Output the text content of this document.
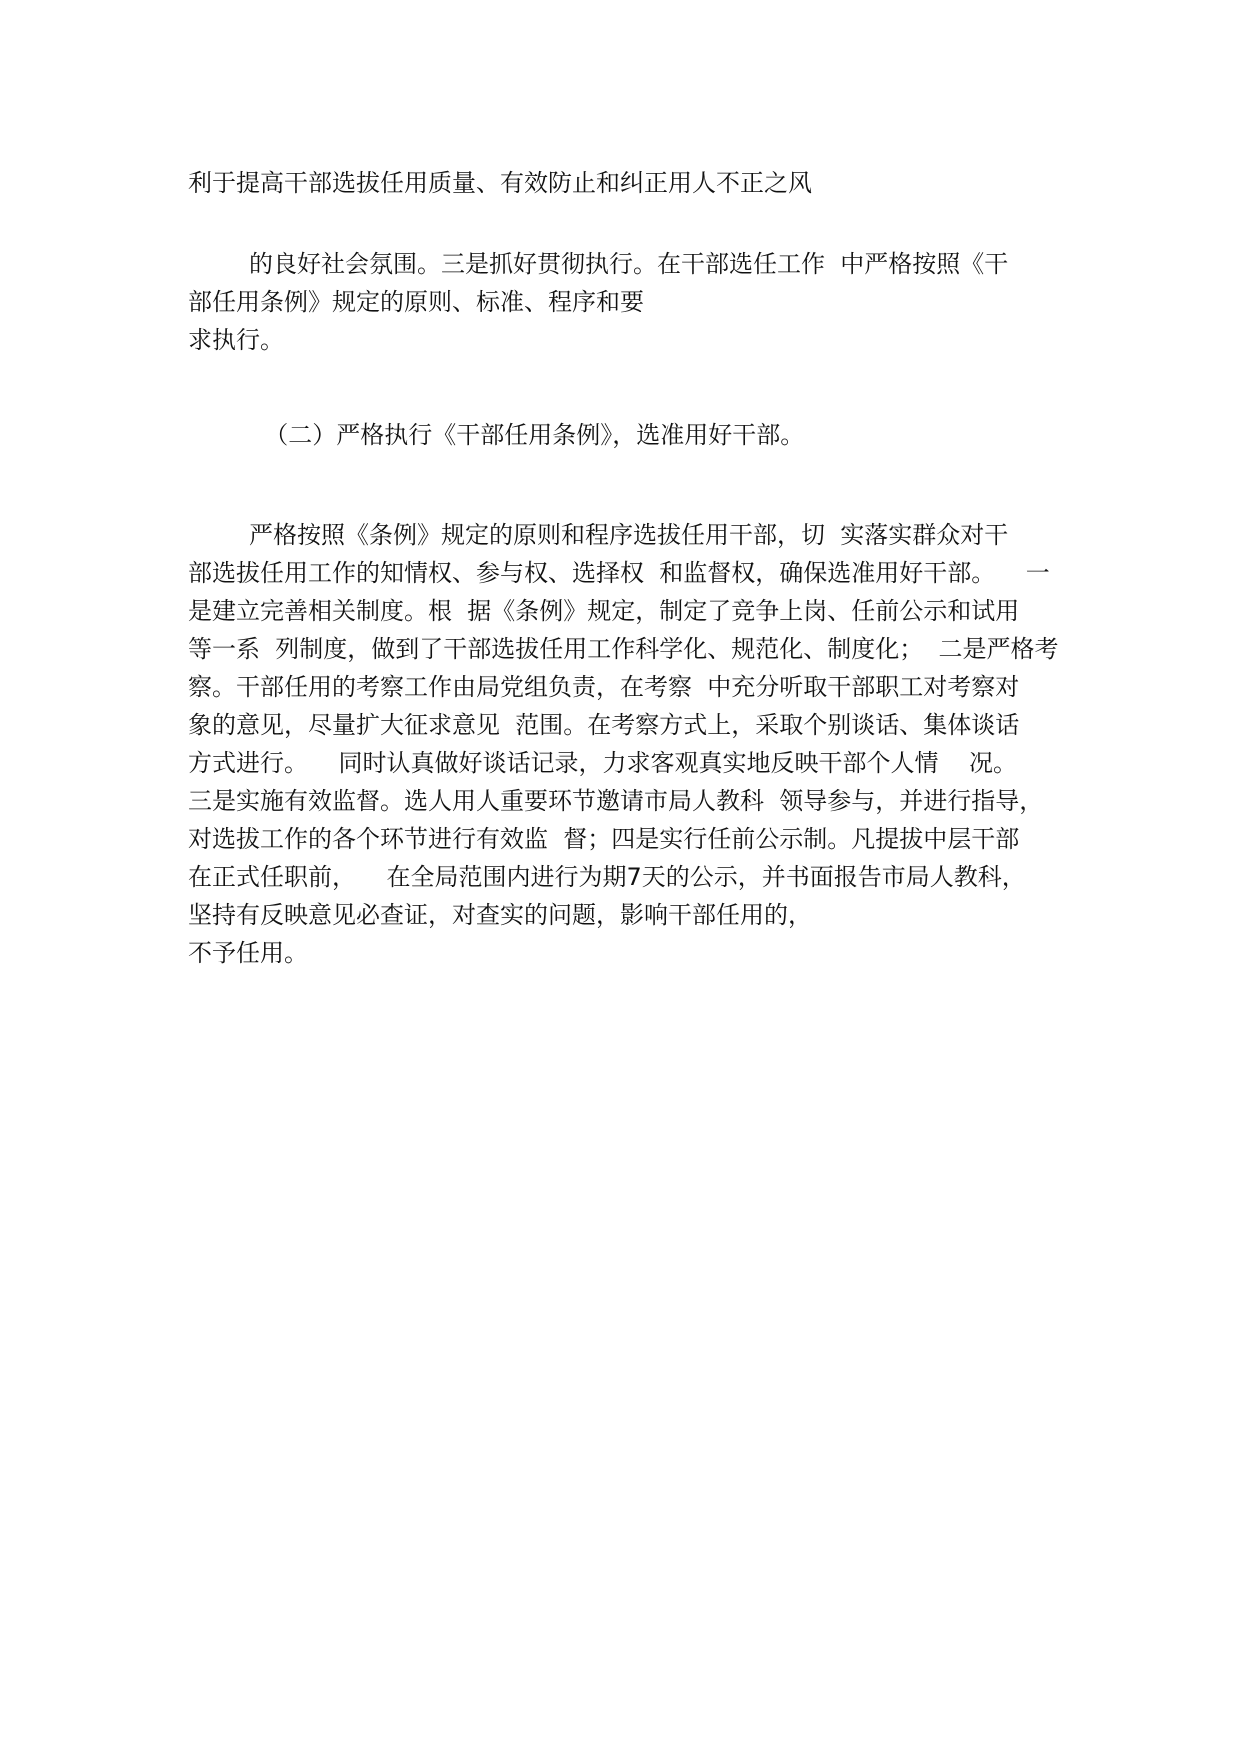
利于提高干部选拔任用质量、有效防止和纠正用人不正之风
的良好社会氛围。三是抓好贯彻执行。在干部选任工作  中严格按照《干
部任用条例》规定的原则、标准、程序和要
求执行。
（二）严格执行《干部任用条例》，选准用好干部。
严格按照《条例》规定的原则和程序选拔任用干部，切  实落实群众对干
部选拔任用工作的知情权、参与权、选择权  和监督权，确保选准用好干部。    一
是建立完善相关制度。根  据《条例》规定，制定了竞争上岗、任前公示和试用
等一系  列制度，做到了干部选拔任用工作科学化、规范化、制度化；  二是严格考
察。干部任用的考察工作由局党组负责，在考察  中充分听取干部职工对考察对
象的意见，尽量扩大征求意见  范围。在考察方式上，采取个别谈话、集体谈话
方式进行。    同时认真做好谈话记录，力求客观真实地反映干部个人情    况。
三是实施有效监督。选人用人重要环节邀请市局人教科  领导参与，并进行指导，
对选拔工作的各个环节进行有效监  督；四是实行任前公示制。凡提拔中层干部
在正式任职前，    在全局范围内进行为期7天的公示，并书面报告市局人教科，
坚持有反映意见必查证，对查实的问题，影响干部任用的，
不予任用。
